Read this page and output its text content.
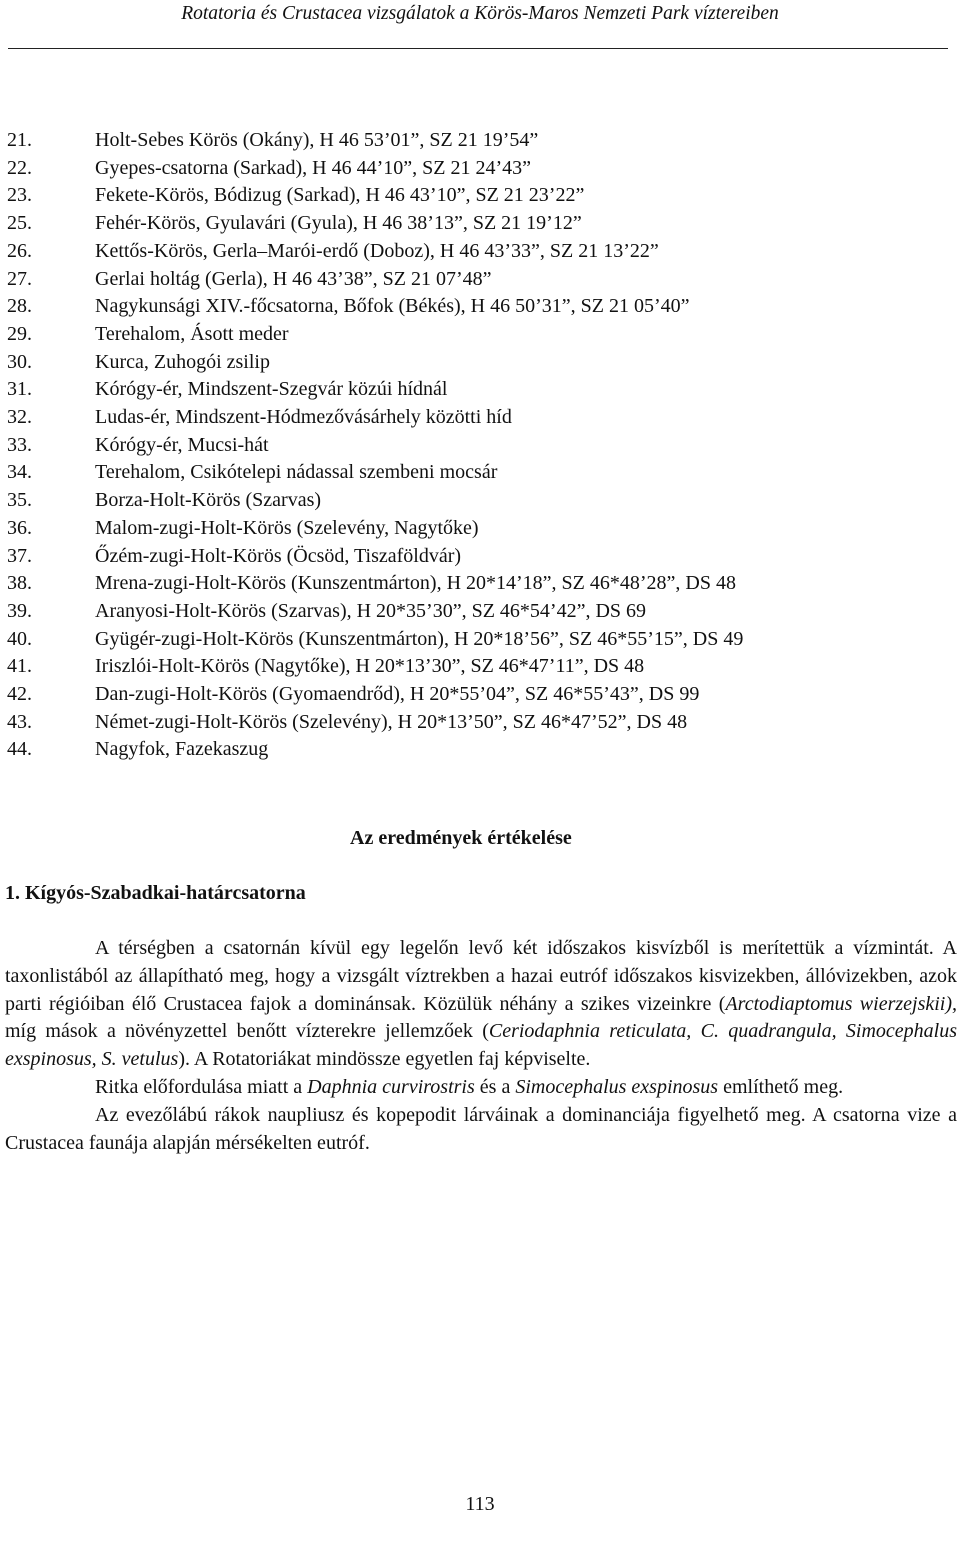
Rotatoria és Crustacea vizsgálatok a Körös-Maros Nemzeti Park víztereiben
21.	Holt-Sebes Körös (Okány), H 46 53’01”, SZ 21 19’54”
22.	Gyepes-csatorna (Sarkad), H 46 44’10”, SZ 21 24’43”
23.	Fekete-Körös, Bódizug (Sarkad), H 46 43’10”, SZ 21 23’22”
25.	Fehér-Körös, Gyulavári (Gyula), H 46 38’13”, SZ 21 19’12”
26.	Kettős-Körös, Gerla–Marói-erdő (Doboz), H 46 43’33”, SZ 21 13’22”
27.	Gerlai holtág (Gerla), H 46 43’38”, SZ 21 07’48”
28.	Nagykunsági XIV.-főcsatorna, Bőfok (Békés), H 46 50’31”, SZ 21 05’40”
29.	Terehalom, Ásott meder
30.	Kurca, Zuhogói zsilip
31.	Kórógy-ér, Mindszent-Szegvár közúi hídnál
32.	Ludas-ér, Mindszent-Hódmezővásárhely közötti híd
33.	Kórógy-ér, Mucsi-hát
34.	Terehalom, Csikótelepi nádassal szembeni mocsár
35.	Borza-Holt-Körös (Szarvas)
36.	Malom-zugi-Holt-Körös (Szelevény, Nagytőke)
37.	Őzém-zugi-Holt-Körös (Öcsöd, Tiszaföldvár)
38.	Mrena-zugi-Holt-Körös (Kunszentmárton), H 20*14’18”, SZ 46*48’28”, DS 48
39.	Aranyosi-Holt-Körös (Szarvas), H 20*35’30”, SZ 46*54’42”, DS 69
40.	Gyügér-zugi-Holt-Körös (Kunszentmárton), H 20*18’56”, SZ 46*55’15”, DS 49
41.	Iriszlói-Holt-Körös (Nagytőke), H 20*13’30”, SZ 46*47’11”, DS 48
42.	Dan-zugi-Holt-Körös (Gyomaendrőd), H 20*55’04”, SZ 46*55’43”, DS 99
43.	Német-zugi-Holt-Körös (Szelevény), H 20*13’50”, SZ 46*47’52”, DS 48
44.	Nagyfok, Fazekaszug
Az eredmények értékelése
1. Kígyós-Szabadkai-határcsatorna

A térségben a csatornán kívül egy legelőn levő két időszakos kisvízből is merítettük a vízmintát. A taxonlistából az állapítható meg, hogy a vizsgált víztrekben a hazai eutróf időszakos kisvizekben, állóvizekben, azok parti régióiban élő Crustacea fajok a dominánsak. Közülük néhány a szikes vizeinkre (Arctodiaptomus wierzejskii), míg mások a növényzettel benőtt vízterekre jellemzőek (Ceriodaphnia reticulata, C. quadrangula, Simocephalus exspinosus, S. vetulus). A Rotatoriákat mindössze egyetlen faj képviselte.

Ritka előfordulása miatt a Daphnia curvirostris és a Simocephalus exspinosus említhető meg.

Az evezőlábú rákok naupliusz és kopepodit lárváinak a dominanciája figyelhető meg. A csatorna vize a Crustacea faunája alapján mérsékelten eutróf.

113
